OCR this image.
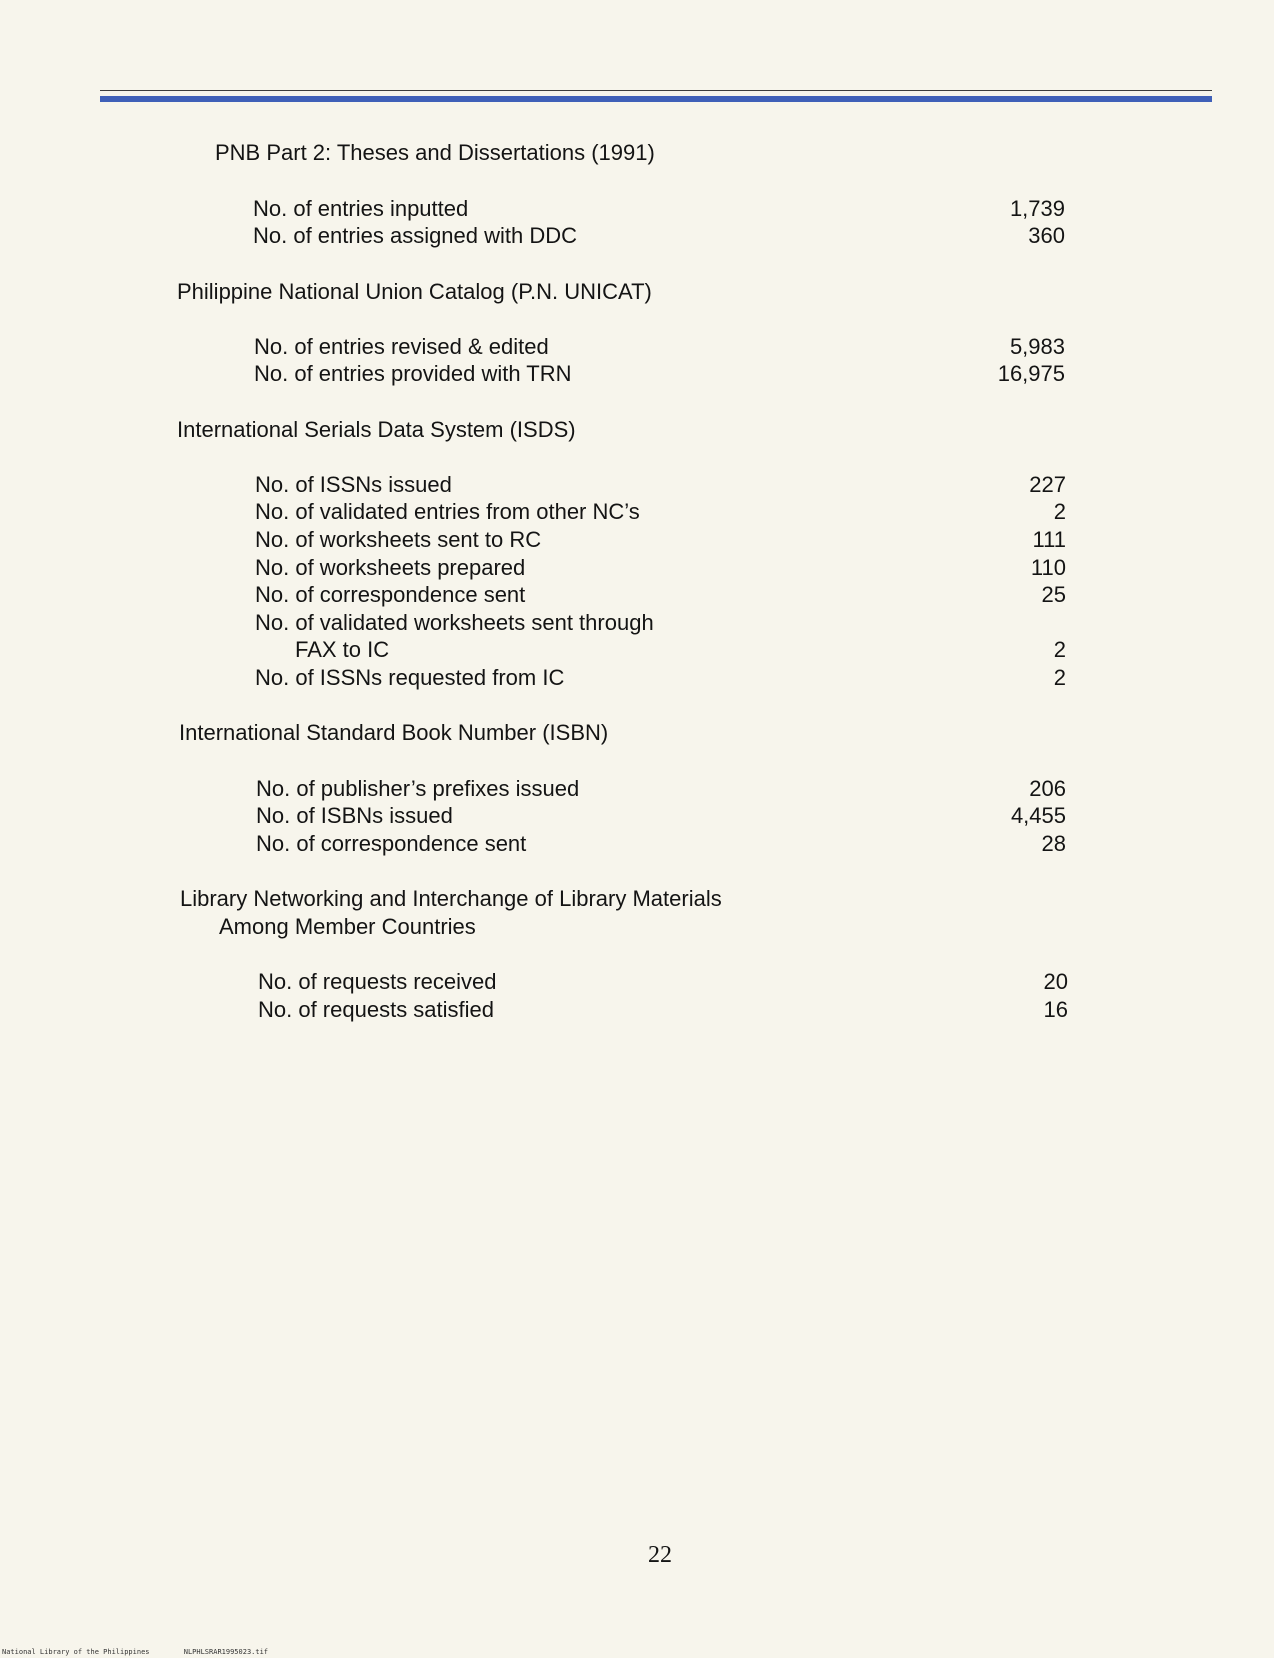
PNB Part 2: Theses and Dissertations (1991)
No. of entries inputted	1,739
No. of entries assigned with DDC	360
Philippine National Union Catalog (P.N. UNICAT)
No. of entries revised & edited	5,983
No. of entries provided with TRN	16,975
International Serials Data System (ISDS)
No. of ISSNs issued	227
No. of validated entries from other NC’s	2
No. of worksheets sent to RC	111
No. of worksheets prepared	110
No. of correspondence sent	25
No. of validated worksheets sent through
FAX to IC	2
No. of ISSNs requested from IC	2
International Standard Book Number (ISBN)
No. of publisher’s prefixes issued	206
No. of ISBNs issued	4,455
No. of correspondence sent	28
Library Networking and Interchange of Library Materials
Among Member Countries
No. of requests received	20
No. of requests satisfied	16
22
National Library of the Philippines	NLPHLSRAR1995023.tif
